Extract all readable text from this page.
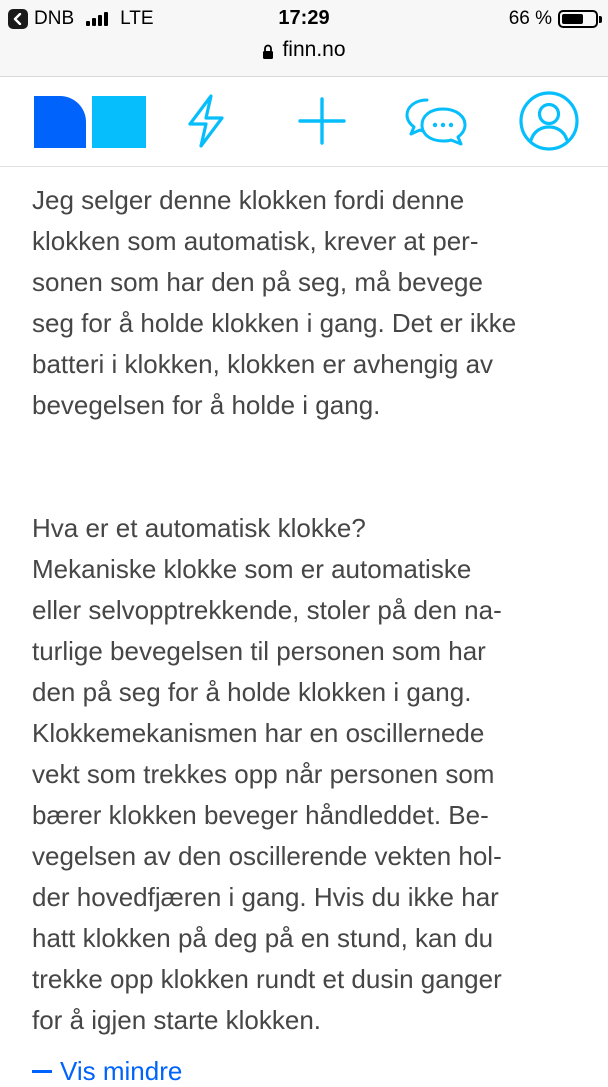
DNB LTE	17:29	66 %
finn.no

Jeg selger denne klokken fordi denne
klokken som automatisk, krever at per-
sonen som har den på seg, må bevege
seg for å holde klokken i gang. Det er ikke
batteri i klokken, klokken er avhengig av
bevegelsen for å holde i gang.

Hva er et automatisk klokke?
Mekaniske klokke som er automatiske
eller selvopptrekkende, stoler på den na-
turlige bevegelsen til personen som har
den på seg for å holde klokken i gang.
Klokkemekanismen har en oscillernede
vekt som trekkes opp når personen som
bærer klokken beveger håndleddet. Be-
vegelsen av den oscillerende vekten hol-
der hovedfjæren i gang. Hvis du ikke har
hatt klokken på deg på en stund, kan du
trekke opp klokken rundt et dusin ganger
for å igjen starte klokken.

Vis mindre
